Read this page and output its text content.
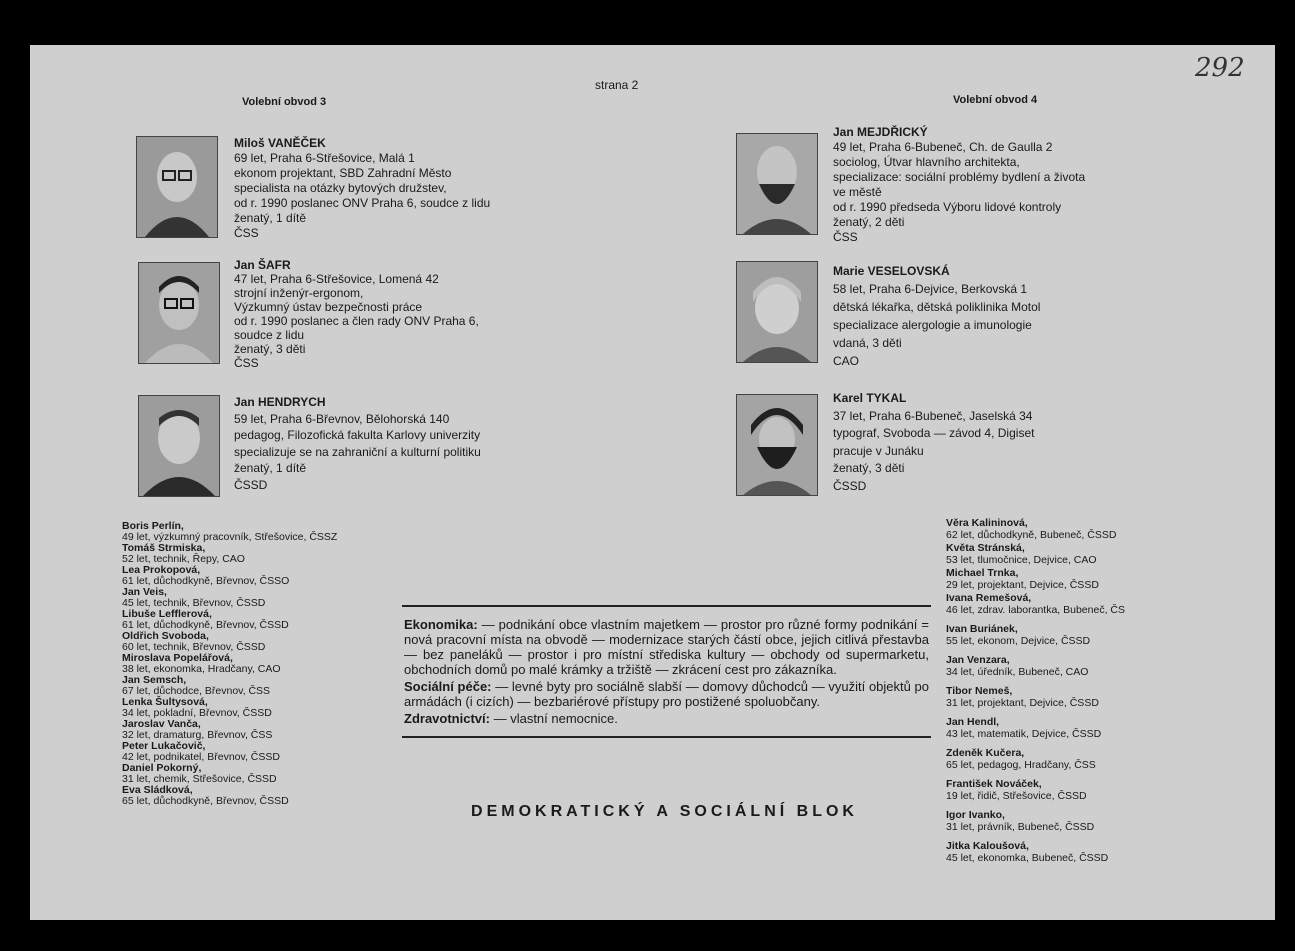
strana 2
292
Volební obvod 3	Volební obvod 4
Miloš VANĚČEK
69 let, Praha 6-Střešovice, Malá 1
ekonom projektant, SBD Zahradní Město
specialista na otázky bytových družstev,
od r. 1990 poslanec ONV Praha 6, soudce z lidu
ženatý, 1 dítě
ČSS
Jan ŠAFR
47 let, Praha 6-Střešovice, Lomená 42
strojní inženýr-ergonom,
Výzkumný ústav bezpečnosti práce
od r. 1990 poslanec a člen rady ONV Praha 6,
soudce z lidu
ženatý, 3 děti
ČSS
Jan HENDRYCH
59 let, Praha 6-Břevnov, Bělohorská 140
pedagog, Filozofická fakulta Karlovy univerzity
specializuje se na zahraniční a kulturní politiku
ženatý, 1 dítě
ČSSD
Jan MEJDŘICKÝ
49 let, Praha 6-Bubeneč, Ch. de Gaulla 2
sociolog, Útvar hlavního architekta,
specializace: sociální problémy bydlení a života
ve městě
od r. 1990 předseda Výboru lidové kontroly
ženatý, 2 děti
ČSS
Marie VESELOVSKÁ
58 let, Praha 6-Dejvice, Berkovská 1
dětská lékařka, dětská poliklinika Motol
specializace alergologie a imunologie
vdaná, 3 děti
CAO
Karel TYKAL
37 let, Praha 6-Bubeneč, Jaselská 34
typograf, Svoboda — závod 4, Digiset
pracuje v Junáku
ženatý, 3 děti
ČSSD
Boris Perlín,
49 let, výzkumný pracovník, Střešovice, ČSSZ
Tomáš Strmiska,
52 let, technik, Řepy, CAO
Lea Prokopová,
61 let, důchodkyně, Břevnov, ČSSO
Jan Veis,
45 let, technik, Břevnov, ČSSD
Libuše Lefflerová,
61 let, důchodkyně, Břevnov, ČSSD
Oldřich Svoboda,
60 let, technik, Břevnov, ČSSD
Miroslava Popelářová,
38 let, ekonomka, Hradčany, CAO
Jan Semsch,
67 let, důchodce, Břevnov, ČSS
Lenka Šultysová,
34 let, pokladní, Břevnov, ČSSD
Jaroslav Vanča,
32 let, dramaturg, Břevnov, ČSS
Peter Lukačovič,
42 let, podnikatel, Břevnov, ČSSD
Daniel Pokorný,
31 let, chemik, Střešovice, ČSSD
Eva Sládková,
65 let, důchodkyně, Břevnov, ČSSD
Věra Kalininová,
62 let, důchodkyně, Bubeneč, ČSSD
Květa Stránská,
53 let, tlumočnice, Dejvice, CAO
Michael Trnka,
29 let, projektant, Dejvice, ČSSD
Ivana Remešová,
46 let, zdrav. laborantka, Bubeneč, ČS
Ivan Buriánek,
55 let, ekonom, Dejvice, ČSSD
Jan Venzara,
34 let, úředník, Bubeneč, CAO
Tibor Nemeš,
31 let, projektant, Dejvice, ČSSD
Jan Hendl,
43 let, matematik, Dejvice, ČSSD
Zdeněk Kučera,
65 let, pedagog, Hradčany, ČSS
František Nováček,
19 let, řidič, Střešovice, ČSSD
Igor Ivanko,
31 let, právník, Bubeneč, ČSSD
Jitka Kaloušová,
45 let, ekonomka, Bubeneč, ČSSD

Ekonomika: — podnikání obce vlastním majetkem — prostor pro různé formy podnikání = nová pracovní místa na obvodě — modernizace starých částí obce, jejich citlivá přestavba — bez paneláků — prostor i pro místní střediska kultury — obchody od supermarketu, obchodních domů po malé krámky a tržiště — zkrácení cest pro zákazníka.

Sociální péče: — levné byty pro sociálně slabší — domovy důchodců — využití objektů po armádách (i cizích) — bezbariérové přístupy pro postižené spoluobčany.

Zdravotnictví: — vlastní nemocnice.

DEMOKRATICKÝ A SOCIÁLNÍ BLOK
